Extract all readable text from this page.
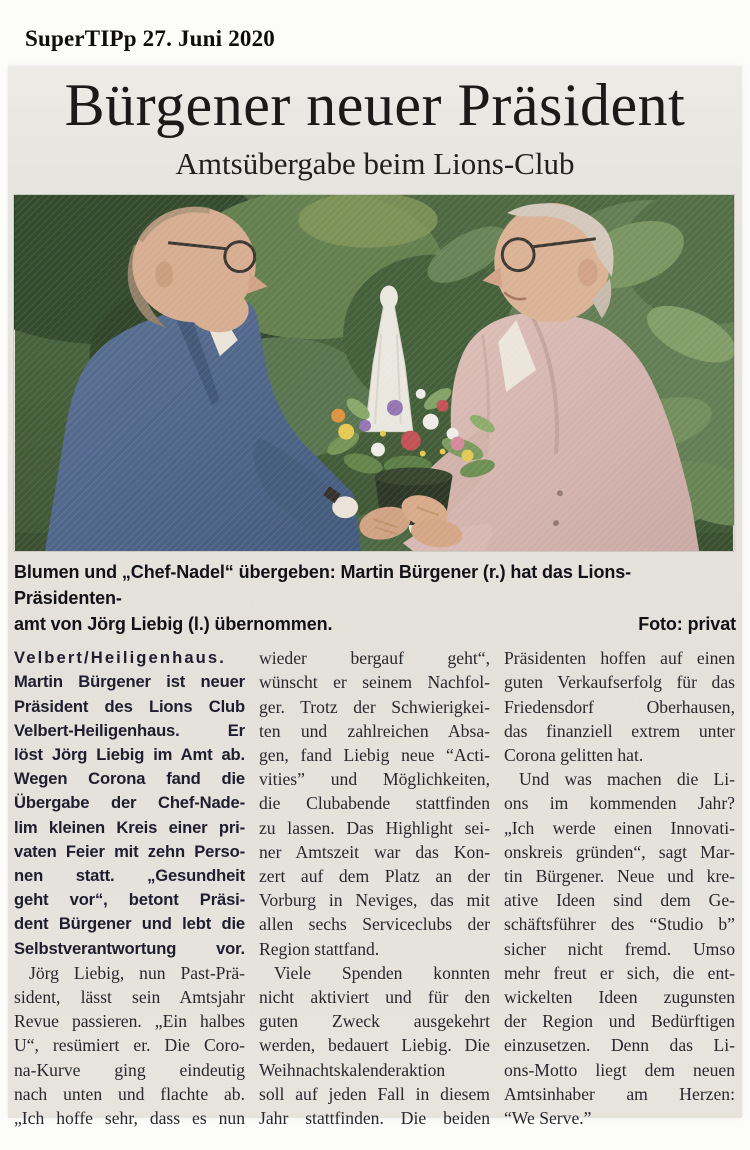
SuperTIPp 27. Juni 2020
Bürgener neuer Präsident
Amtsübergabe beim Lions-Club
Blumen und „Chef-Nadel“ übergeben: Martin Bürgener (r.) hat das Lions-Präsidenten-
amt von Jörg Liebig (l.) übernommen.	Foto: privat
Velbert/Heiligenhaus.
Martin Bürgener ist neuer
Präsident des Lions Club
Velbert-Heiligenhaus. Er
löst Jörg Liebig im Amt ab.
Wegen Corona fand die
Übergabe der Chef-Nade-
lim kleinen Kreis einer pri-
vaten Feier mit zehn Perso-
nen statt. „Gesundheit
geht vor“, betont Präsi-
dent Bürgener und lebt die
Selbstverantwortung vor.
Jörg Liebig, nun Past-Prä-
sident, lässt sein Amtsjahr
Revue passieren. „Ein halbes
U“, resümiert er. Die Coro-
na-Kurve ging eindeutig
nach unten und flachte ab.
„Ich hoffe sehr, dass es nun
wieder bergauf geht“,
wünscht er seinem Nachfol-
ger. Trotz der Schwierigkei-
ten und zahlreichen Absa-
gen, fand Liebig neue “Acti-
vities” und Möglichkeiten,
die Clubabende stattfinden
zu lassen. Das Highlight sei-
ner Amtszeit war das Kon-
zert auf dem Platz an der
Vorburg in Neviges, das mit
allen sechs Serviceclubs der
Region stattfand.
Viele Spenden konnten
nicht aktiviert und für den
guten Zweck ausgekehrt
werden, bedauert Liebig. Die
Weihnachtskalenderaktion
soll auf jeden Fall in diesem
Jahr stattfinden. Die beiden
Präsidenten hoffen auf einen
guten Verkaufserfolg für das
Friedensdorf Oberhausen,
das finanziell extrem unter
Corona gelitten hat.
Und was machen die Li-
ons im kommenden Jahr?
„Ich werde einen Innovati-
onskreis gründen“, sagt Mar-
tin Bürgener. Neue und kre-
ative Ideen sind dem Ge-
schäftsführer des “Studio b”
sicher nicht fremd. Umso
mehr freut er sich, die ent-
wickelten Ideen zugunsten
der Region und Bedürftigen
einzusetzen. Denn das Li-
ons-Motto liegt dem neuen
Amtsinhaber am Herzen:
“We Serve.”
